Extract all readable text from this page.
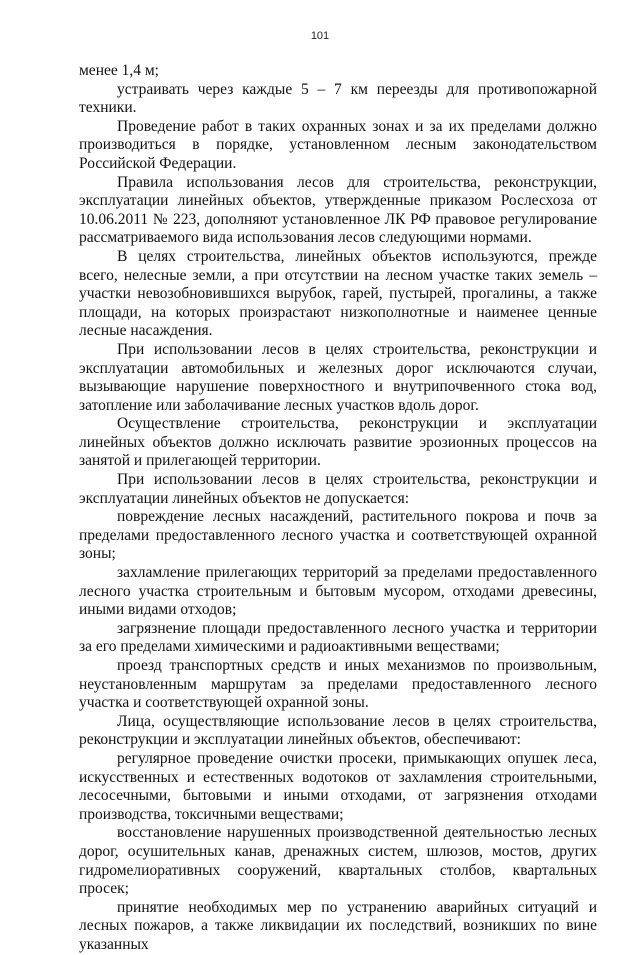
101

менее 1,4 м;

устраивать через каждые 5 – 7 км переезды для противопожарной техники.

Проведение работ в таких охранных зонах и за их пределами должно производиться в порядке, установленном лесным законодательством Российской Федерации.

Правила использования лесов для строительства, реконструкции, эксплуатации линейных объектов, утвержденные приказом Рослесхоза от 10.06.2011 № 223, дополняют установленное ЛК РФ правовое регулирование рассматриваемого вида использования лесов следующими нормами.

В целях строительства, линейных объектов используются, прежде всего, нелесные земли, а при отсутствии на лесном участке таких земель – участки невозобновившихся вырубок, гарей, пустырей, прогалины, а также площади, на которых произрастают низкополнотные и наименее ценные лесные насаждения.

При использовании лесов в целях строительства, реконструкции и эксплуатации автомобильных и железных дорог исключаются случаи, вызывающие нарушение поверхностного и внутрипочвенного стока вод, затопление или заболачивание лесных участков вдоль дорог.

Осуществление строительства, реконструкции и эксплуатации линейных объектов должно исключать развитие эрозионных процессов на занятой и прилегающей территории.

При использовании лесов в целях строительства, реконструкции и эксплуатации линейных объектов не допускается:

повреждение лесных насаждений, растительного покрова и почв за пределами предоставленного лесного участка и соответствующей охранной зоны;

захламление прилегающих территорий за пределами предоставленного лесного участка строительным и бытовым мусором, отходами древесины, иными видами отходов;

загрязнение площади предоставленного лесного участка и территории за его пределами химическими и радиоактивными веществами;

проезд транспортных средств и иных механизмов по произвольным, неустановленным маршрутам за пределами предоставленного лесного участка и соответствующей охранной зоны.

Лица, осуществляющие использование лесов в целях строительства, реконструкции и эксплуатации линейных объектов, обеспечивают:

регулярное проведение очистки просеки, примыкающих опушек леса, искусственных и естественных водотоков от захламления строительными, лесосечными, бытовыми и иными отходами, от загрязнения отходами производства, токсичными веществами;

восстановление нарушенных производственной деятельностью лесных дорог, осушительных канав, дренажных систем, шлюзов, мостов, других гидромелиоративных сооружений, квартальных столбов, квартальных просек;

принятие необходимых мер по устранению аварийных ситуаций и лесных пожаров, а также ликвидации их последствий, возникших по вине указанных
